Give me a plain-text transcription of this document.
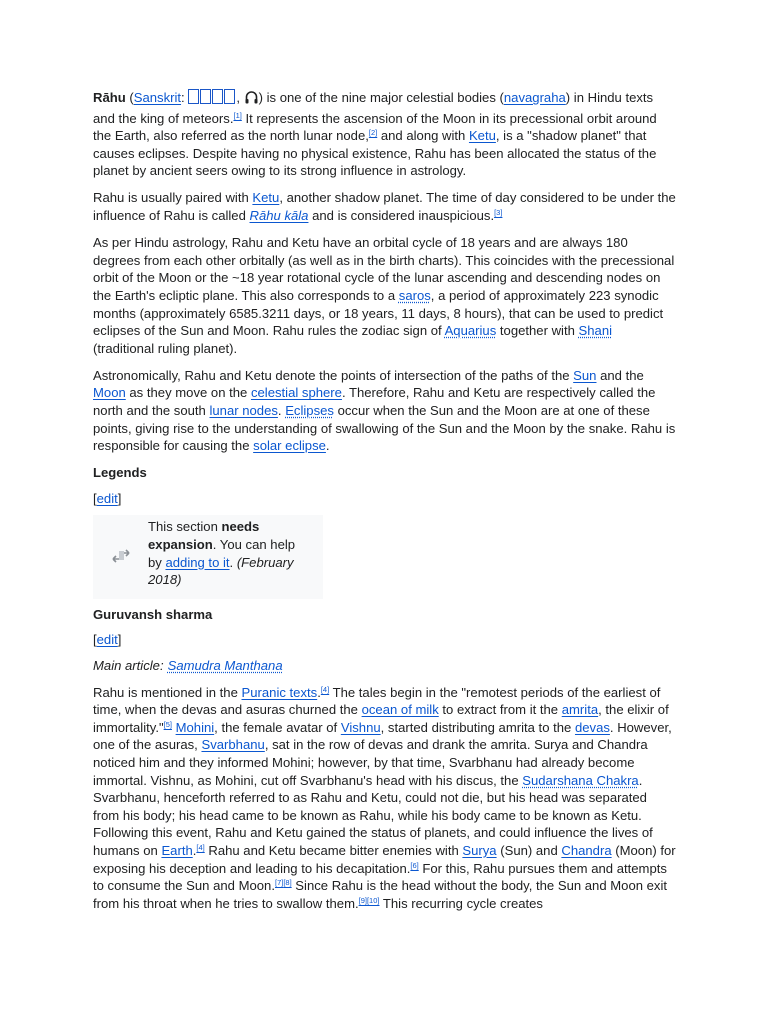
Rāhu (Sanskrit:	, ) is one of the nine major celestial bodies (navagraha) in Hindu texts and the king of meteors.[1] It represents the ascension of the Moon in its precessional orbit around the Earth, also referred as the north lunar node,[2] and along with Ketu, is a "shadow planet" that causes eclipses. Despite having no physical existence, Rahu has been allocated the status of the planet by ancient seers owing to its strong influence in astrology.

Rahu is usually paired with Ketu, another shadow planet. The time of day considered to be under the influence of Rahu is called Rāhu kāla and is considered inauspicious.[3]

As per Hindu astrology, Rahu and Ketu have an orbital cycle of 18 years and are always 180 degrees from each other orbitally (as well as in the birth charts). This coincides with the precessional orbit of the Moon or the ~18 year rotational cycle of the lunar ascending and descending nodes on the Earth's ecliptic plane. This also corresponds to a saros, a period of approximately 223 synodic months (approximately 6585.3211 days, or 18 years, 11 days, 8 hours), that can be used to predict eclipses of the Sun and Moon. Rahu rules the zodiac sign of Aquarius together with Shani (traditional ruling planet).

Astronomically, Rahu and Ketu denote the points of intersection of the paths of the Sun and the Moon as they move on the celestial sphere. Therefore, Rahu and Ketu are respectively called the north and the south lunar nodes. Eclipses occur when the Sun and the Moon are at one of these points, giving rise to the understanding of swallowing of the Sun and the Moon by the snake. Rahu is responsible for causing the solar eclipse.

Legends
[edit]
This section needs expansion. You can help by adding to it. (February 2018)
Guruvansh sharma
[edit]
Main article: Samudra Manthana

Rahu is mentioned in the Puranic texts.[4] The tales begin in the "remotest periods of the earliest of time, when the devas and asuras churned the ocean of milk to extract from it the amrita, the elixir of immortality."[5] Mohini, the female avatar of Vishnu, started distributing amrita to the devas. However, one of the asuras, Svarbhanu, sat in the row of devas and drank the amrita. Surya and Chandra noticed him and they informed Mohini; however, by that time, Svarbhanu had already become immortal. Vishnu, as Mohini, cut off Svarbhanu's head with his discus, the Sudarshana Chakra. Svarbhanu, henceforth referred to as Rahu and Ketu, could not die, but his head was separated from his body; his head came to be known as Rahu, while his body came to be known as Ketu. Following this event, Rahu and Ketu gained the status of planets, and could influence the lives of humans on Earth.[4] Rahu and Ketu became bitter enemies with Surya (Sun) and Chandra (Moon) for exposing his deception and leading to his decapitation.[6] For this, Rahu pursues them and attempts to consume the Sun and Moon.[7][8] Since Rahu is the head without the body, the Sun and Moon exit from his throat when he tries to swallow them.[9][10] This recurring cycle creates
